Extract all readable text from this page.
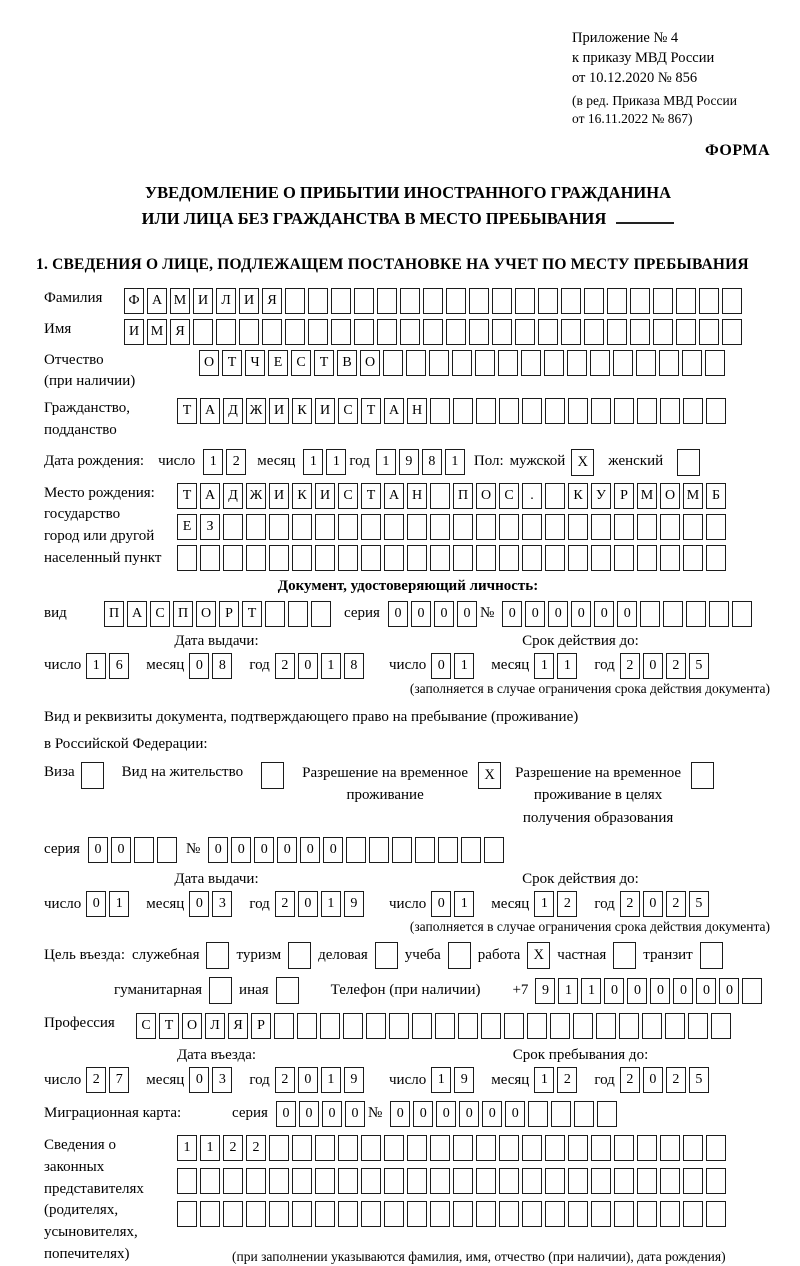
Приложение № 4
к приказу МВД России
от 10.12.2020 № 856
(в ред. Приказа МВД России
от 16.11.2022 № 867)
ФОРМА
УВЕДОМЛЕНИЕ О ПРИБЫТИИ ИНОСТРАННОГО ГРАЖДАНИНА
ИЛИ ЛИЦА БЕЗ ГРАЖДАНСТВА В МЕСТО ПРЕБЫВАНИЯ
1. СВЕДЕНИЯ О ЛИЦЕ, ПОДЛЕЖАЩЕМ ПОСТАНОВКЕ НА УЧЕТ ПО МЕСТУ ПРЕБЫВАНИЯ
Фамилия	Ф А М И Л И Я
Имя	И М Я
Отчество
(при наличии)
О Т	Ч	Е	С	Т	В О
Гражданство,
подданство
Т А Д Ж И К И С	Т А Н
Дата рождения: число	1	2	месяц	1	1 год 1	9	8	1	Пол: мужской X	женский
Место рождения:
государство
город или другой
населенный пункт
Т А Д Ж И К И С	Т А Н	П О С	.	К У	Р М О М Б
Е	З
Документ, удостоверяющий личность:
вид	П А С П О	Р	Т	серия	0	0	0	0 №	0	0	0	0	0	0
Дата выдачи:
число 1	6	месяц 0	8	год 2	0	1	8
Срок действия до:
число 0	1	месяц 1	1	год 2	0	2	5
(заполняется в случае ограничения срока действия документа)
Вид и реквизиты документа, подтверждающего право на пребывание (проживание)
в Российской Федерации:
Виза	Вид на жительство	Разрешение на временное
проживание
X	Разрешение на временное
проживание в целях
получения образования
серия	0	0	№	0	0	0	0	0	0
Дата выдачи:
число 0	1	месяц 0	3	год 2	0	1	9
Срок действия до:
число 0	1	месяц 1	2	год 2	0	2	5
(заполняется в случае ограничения срока действия документа)
Цель въезда: служебная туризм деловая учеба работа X частная транзит
гуманитарная иная	Телефон (при наличии) +7 9	1	1	0	0	0	0	0	0
Профессия	С	Т О Л Я	Р
Дата въезда:
число 2	7	месяц 0	3	год 2	0	1	9
Срок пребывания до:
число 1	9	месяц 1	2	год 2	0	2	5
Миграционная карта:	серия	0	0	0	0 №	0	0	0	0	0	0
Сведения о
законных
представителях
(родителях,
усыновителях,
попечителях)
1	1	2	2
(при заполнении указываются фамилия, имя, отчество (при наличии), дата рождения)
